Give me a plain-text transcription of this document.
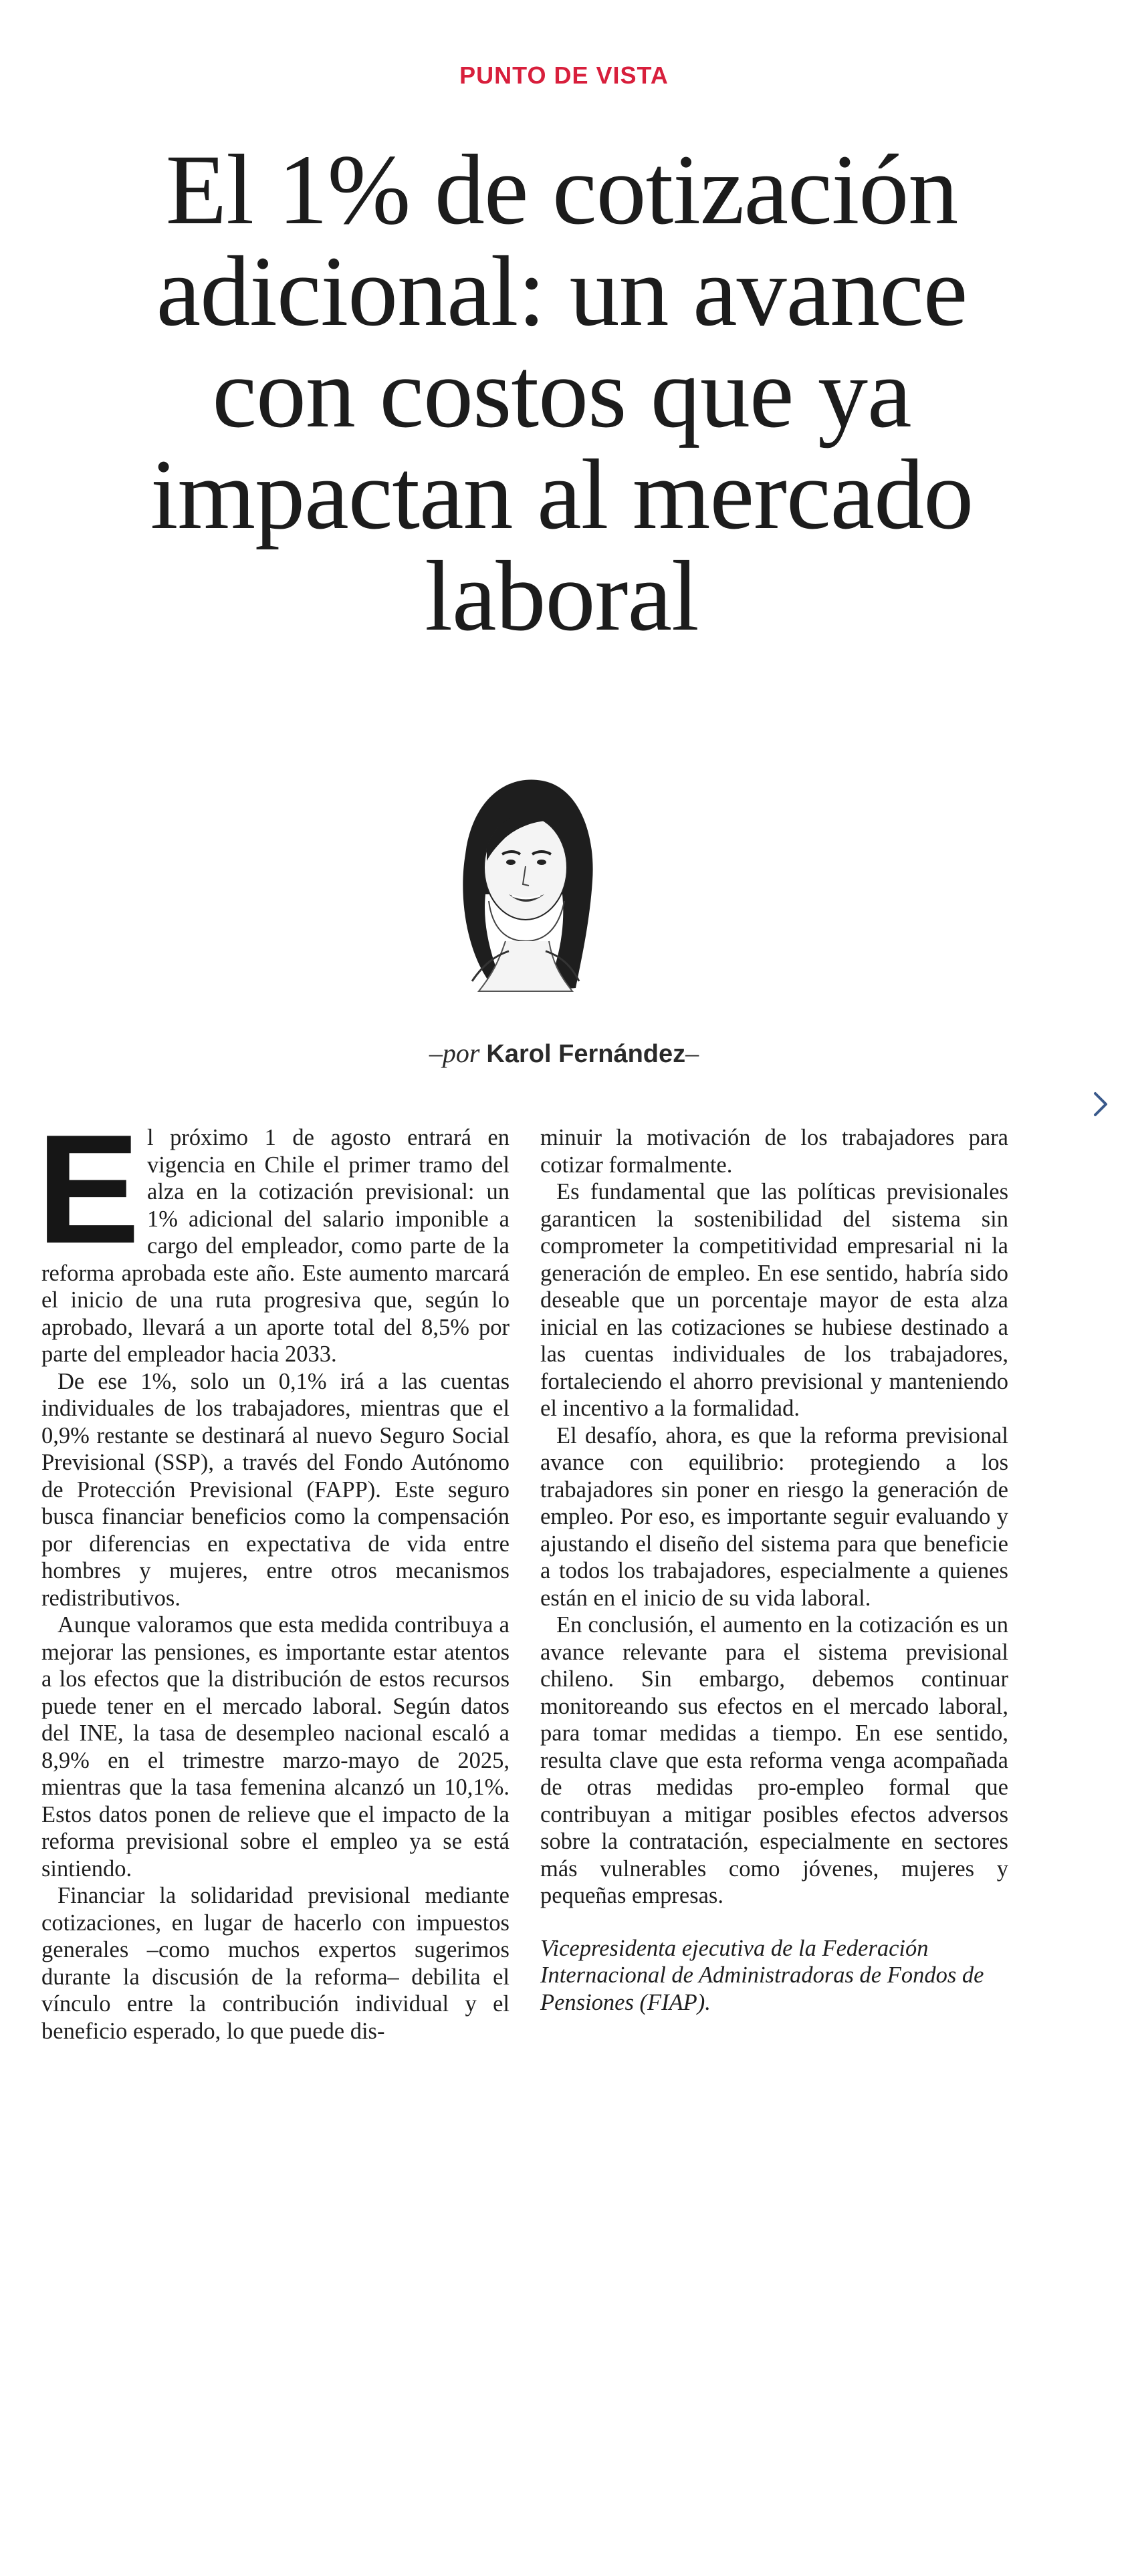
PUNTO DE VISTA
El 1% de cotización
adicional: un avance
con costos que ya
impactan al mercado
laboral
–por Karol Fernández–

E l próximo 1 de agosto entrará en vigencia en Chile el primer tramo del alza en la cotización previsional: un 1% adicional del salario imponible a cargo del empleador, como parte de la reforma aprobada este año. Este aumento marcará el inicio de una ruta progresiva que, según lo aprobado, llevará a un aporte total del 8,5% por parte del empleador hacia 2033.

De ese 1%, solo un 0,1% irá a las cuentas individuales de los trabajadores, mientras que el 0,9% restante se destinará al nuevo Seguro Social Previsional (SSP), a través del Fondo Autónomo de Protección Previsional (FAPP). Este seguro busca financiar beneficios como la compensación por diferencias en expectativa de vida entre hombres y mujeres, entre otros mecanismos redistributivos.

Aunque valoramos que esta medida contribuya a mejorar las pensiones, es importante estar atentos a los efectos que la distribución de estos recursos puede tener en el mercado laboral. Según datos del INE, la tasa de desempleo nacional escaló a 8,9% en el trimestre marzo-mayo de 2025, mientras que la tasa femenina alcanzó un 10,1%. Estos datos ponen de relieve que el impacto de la reforma previsional sobre el empleo ya se está sintiendo.

Financiar la solidaridad previsional mediante cotizaciones, en lugar de hacerlo con impuestos generales –como muchos expertos sugerimos durante la discusión de la reforma– debilita el vínculo entre la contribución individual y el beneficio esperado, lo que puede dis-

minuir la motivación de los trabajadores para cotizar formalmente.

Es fundamental que las políticas previsionales garanticen la sostenibilidad del sistema sin comprometer la competitividad empresarial ni la generación de empleo. En ese sentido, habría sido deseable que un porcentaje mayor de esta alza inicial en las cotizaciones se hubiese destinado a las cuentas individuales de los trabajadores, fortaleciendo el ahorro previsional y manteniendo el incentivo a la formalidad.

El desafío, ahora, es que la reforma previsional avance con equilibrio: protegiendo a los trabajadores sin poner en riesgo la generación de empleo. Por eso, es importante seguir evaluando y ajustando el diseño del sistema para que beneficie a todos los trabajadores, especialmente a quienes están en el inicio de su vida laboral.

En conclusión, el aumento en la cotización es un avance relevante para el sistema previsional chileno. Sin embargo, debemos continuar monitoreando sus efectos en el mercado laboral, para tomar medidas a tiempo. En ese sentido, resulta clave que esta reforma venga acompañada de otras medidas pro-empleo formal que contribuyan a mitigar posibles efectos adversos sobre la contratación, especialmente en sectores más vulnerables como jóvenes, mujeres y pequeñas empresas.

Vicepresidenta ejecutiva de la Federación Internacional de Administradoras de Fondos de Pensiones (FIAP).
